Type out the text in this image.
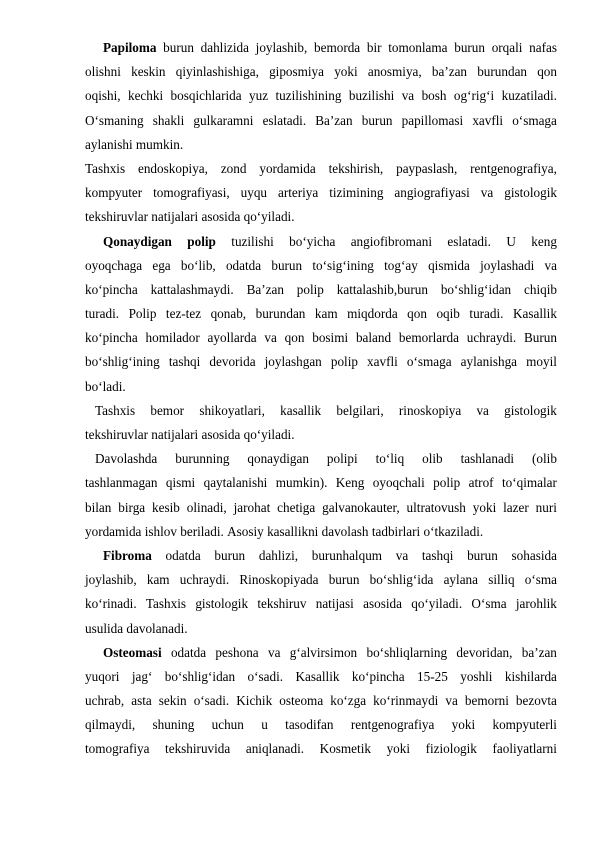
Papiloma burun dahlizida joylashib, bemorda bir tomonlama burun orqali nafas
olishni keskin qiyinlashishiga, giposmiya yoki anosmiya, ba’zan burundan qon
oqishi, kechki bosqichlarida yuz tuzilishining buzilishi va bosh og‘rig‘i kuzatiladi.
O‘smaning shakli gulkaramni eslatadi. Ba’zan burun papillomasi xavfli o‘smaga
aylanishi mumkin.
Tashxis endoskopiya, zond yordamida tekshirish, paypaslash, rentgenografiya,
kompyuter tomografiyasi, uyqu arteriya tizimining angiografiyasi va gistologik
tekshiruvlar natijalari asosida qo‘yiladi.
Qonaydigan polip tuzilishi bo‘yicha angiofibromani eslatadi. U keng
oyoqchaga ega bo‘lib, odatda burun to‘sig‘ining tog‘ay qismida joylashadi va
ko‘pincha kattalashmaydi. Ba’zan polip kattalashib,burun bo‘shlig‘idan chiqib
turadi. Polip tez-tez qonab, burundan kam miqdorda qon oqib turadi. Kasallik
ko‘pincha homilador ayollarda va qon bosimi baland bemorlarda uchraydi. Burun
bo‘shlig‘ining tashqi devorida joylashgan polip xavfli o‘smaga aylanishga moyil
bo‘ladi.
Tashxis bemor shikoyatlari, kasallik belgilari, rinoskopiya va gistologik
tekshiruvlar natijalari asosida qo‘yiladi.
Davolashda burunning qonaydigan polipi to‘liq olib tashlanadi (olib
tashlanmagan qismi qaytalanishi mumkin). Keng oyoqchali polip atrof to‘qimalar
bilan birga kesib olinadi, jarohat chetiga galvanokauter, ultratovush yoki lazer nuri
yordamida ishlov beriladi. Asosiy kasallikni davolash tadbirlari o‘tkaziladi.
Fibroma odatda burun dahlizi, burunhalqum va tashqi burun sohasida
joylashib, kam uchraydi. Rinoskopiyada burun bo‘shlig‘ida aylana silliq o‘sma
ko‘rinadi. Tashxis gistologik tekshiruv natijasi asosida qo‘yiladi. O‘sma jarohlik
usulida davolanadi.
Osteomasi odatda peshona va g‘alvirsimon bo‘shliqlarning devoridan, ba’zan
yuqori jag‘ bo‘shlig‘idan o‘sadi. Kasallik ko‘pincha 15-25 yoshli kishilarda
uchrab, asta sekin o‘sadi. Kichik osteoma ko‘zga ko‘rinmaydi va bemorni bezovta
qilmaydi, shuning uchun u tasodifan rentgenografiya yoki kompyuterli
tomografiya tekshiruvida aniqlanadi. Kosmetik yoki fiziologik faoliyatlarni
